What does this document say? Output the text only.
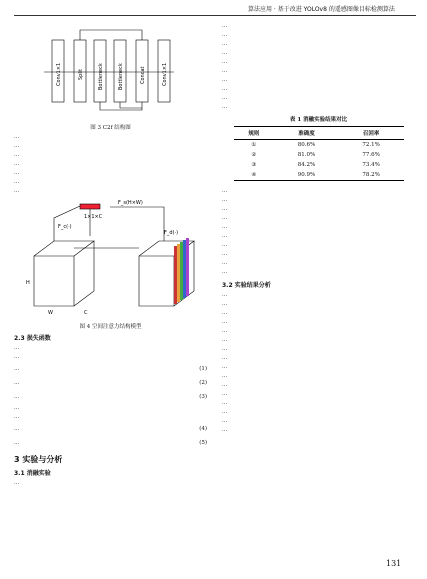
算法应用 · 基于改进 YOLOv8 的遥感图像目标检测算法
Conv1×1	Split	Bottleneck	Bottleneck	Concat	Conv1×1
图 3 C2f 结构图
…
…
…
…
…
…
…
1×1×C
F_s(H×W)
F_c(·)
F_d(·)
H
W	C
图 4 空间注意力结构模型
2.3 损失函数
…
…
…	(1)
…	(2)
…	(3)
…
…
…	(4)
…	(5)
3 实验与分析
3.1 消融实验
…
…
…
…
…
…
…
…
…
…
…
表 1 消融实验结果对比
规则	准确度	召回率
①	80.6%	72.1%
②	81.0%	77.6%
③	84.2%	73.4%
④	90.9%	78.2%
…
…
…
…
…
…
…
…
…
…
3.2 实验结果分析
…
…
…
…
…
…
…
…
…
…
…
…
…
…
…
…
131
